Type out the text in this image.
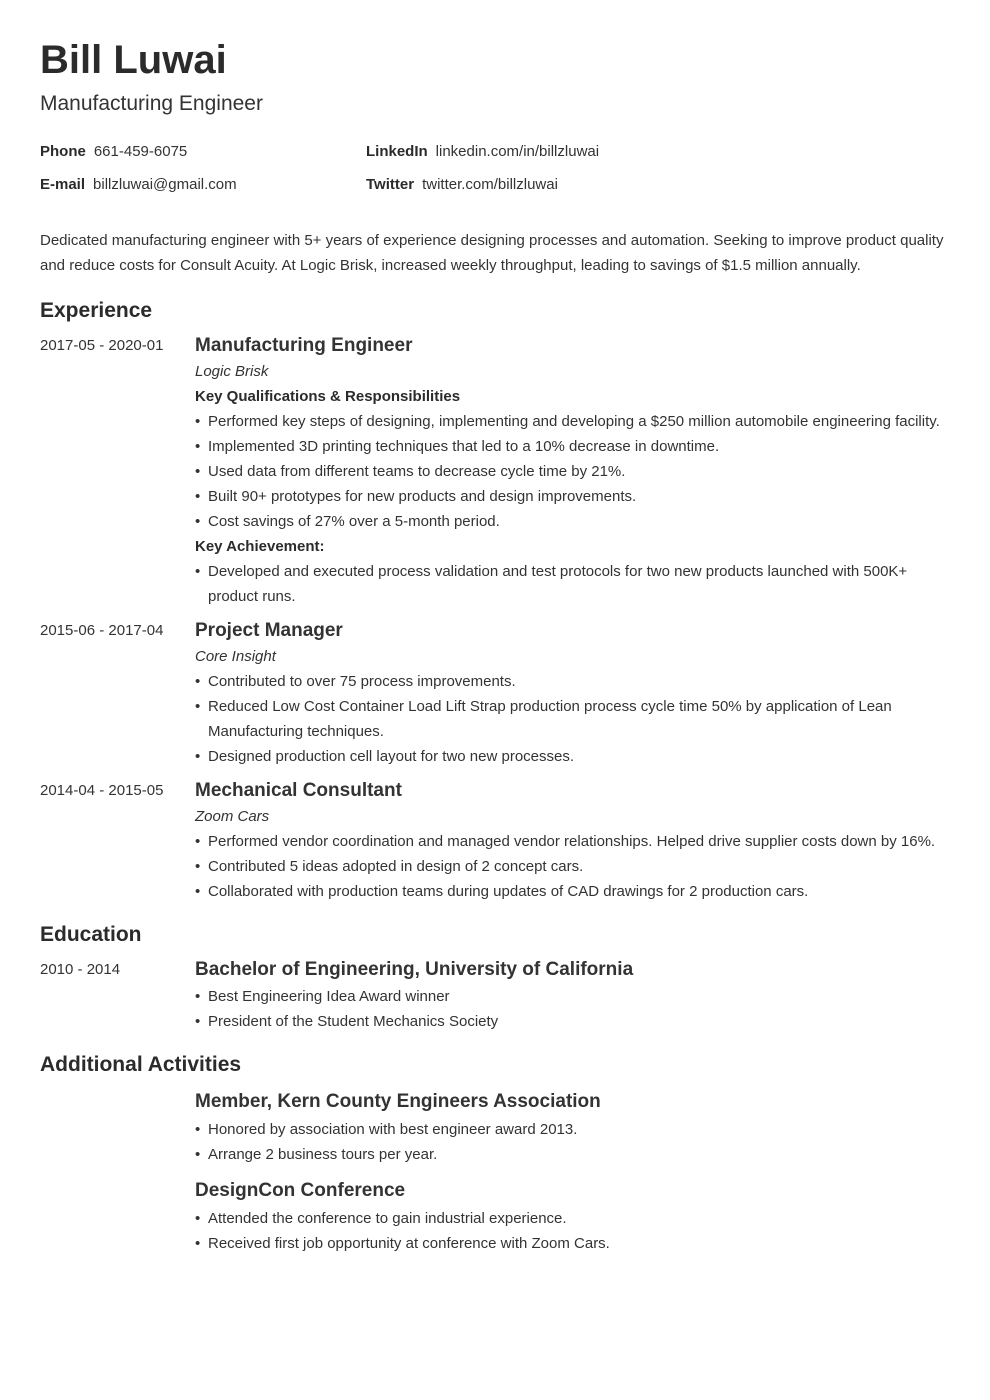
Bill Luwai
Manufacturing Engineer
Phone 661-459-6075	LinkedIn linkedin.com/in/billzluwai
E-mail billzluwai@gmail.com	Twitter twitter.com/billzluwai
Dedicated manufacturing engineer with 5+ years of experience designing processes and automation. Seeking to improve product quality and reduce costs for Consult Acuity. At Logic Brisk, increased weekly throughput, leading to savings of $1.5 million annually.
Experience
2017-05 - 2020-01	Manufacturing Engineer
Logic Brisk
Key Qualifications & Responsibilities
• Performed key steps of designing, implementing and developing a $250 million automobile engineering facility.
• Implemented 3D printing techniques that led to a 10% decrease in downtime.
• Used data from different teams to decrease cycle time by 21%.
• Built 90+ prototypes for new products and design improvements.
• Cost savings of 27% over a 5-month period.
Key Achievement:
• Developed and executed process validation and test protocols for two new products launched with 500K+ product runs.
2015-06 - 2017-04	Project Manager
Core Insight
• Contributed to over 75 process improvements.
• Reduced Low Cost Container Load Lift Strap production process cycle time 50% by application of Lean Manufacturing techniques.
• Designed production cell layout for two new processes.
2014-04 - 2015-05	Mechanical Consultant
Zoom Cars
• Performed vendor coordination and managed vendor relationships. Helped drive supplier costs down by 16%.
• Contributed 5 ideas adopted in design of 2 concept cars.
• Collaborated with production teams during updates of CAD drawings for 2 production cars.
Education
2010 - 2014	Bachelor of Engineering, University of California
• Best Engineering Idea Award winner
• President of the Student Mechanics Society
Additional Activities
Member, Kern County Engineers Association
• Honored by association with best engineer award 2013.
• Arrange 2 business tours per year.
DesignCon Conference
• Attended the conference to gain industrial experience.
• Received first job opportunity at conference with Zoom Cars.
